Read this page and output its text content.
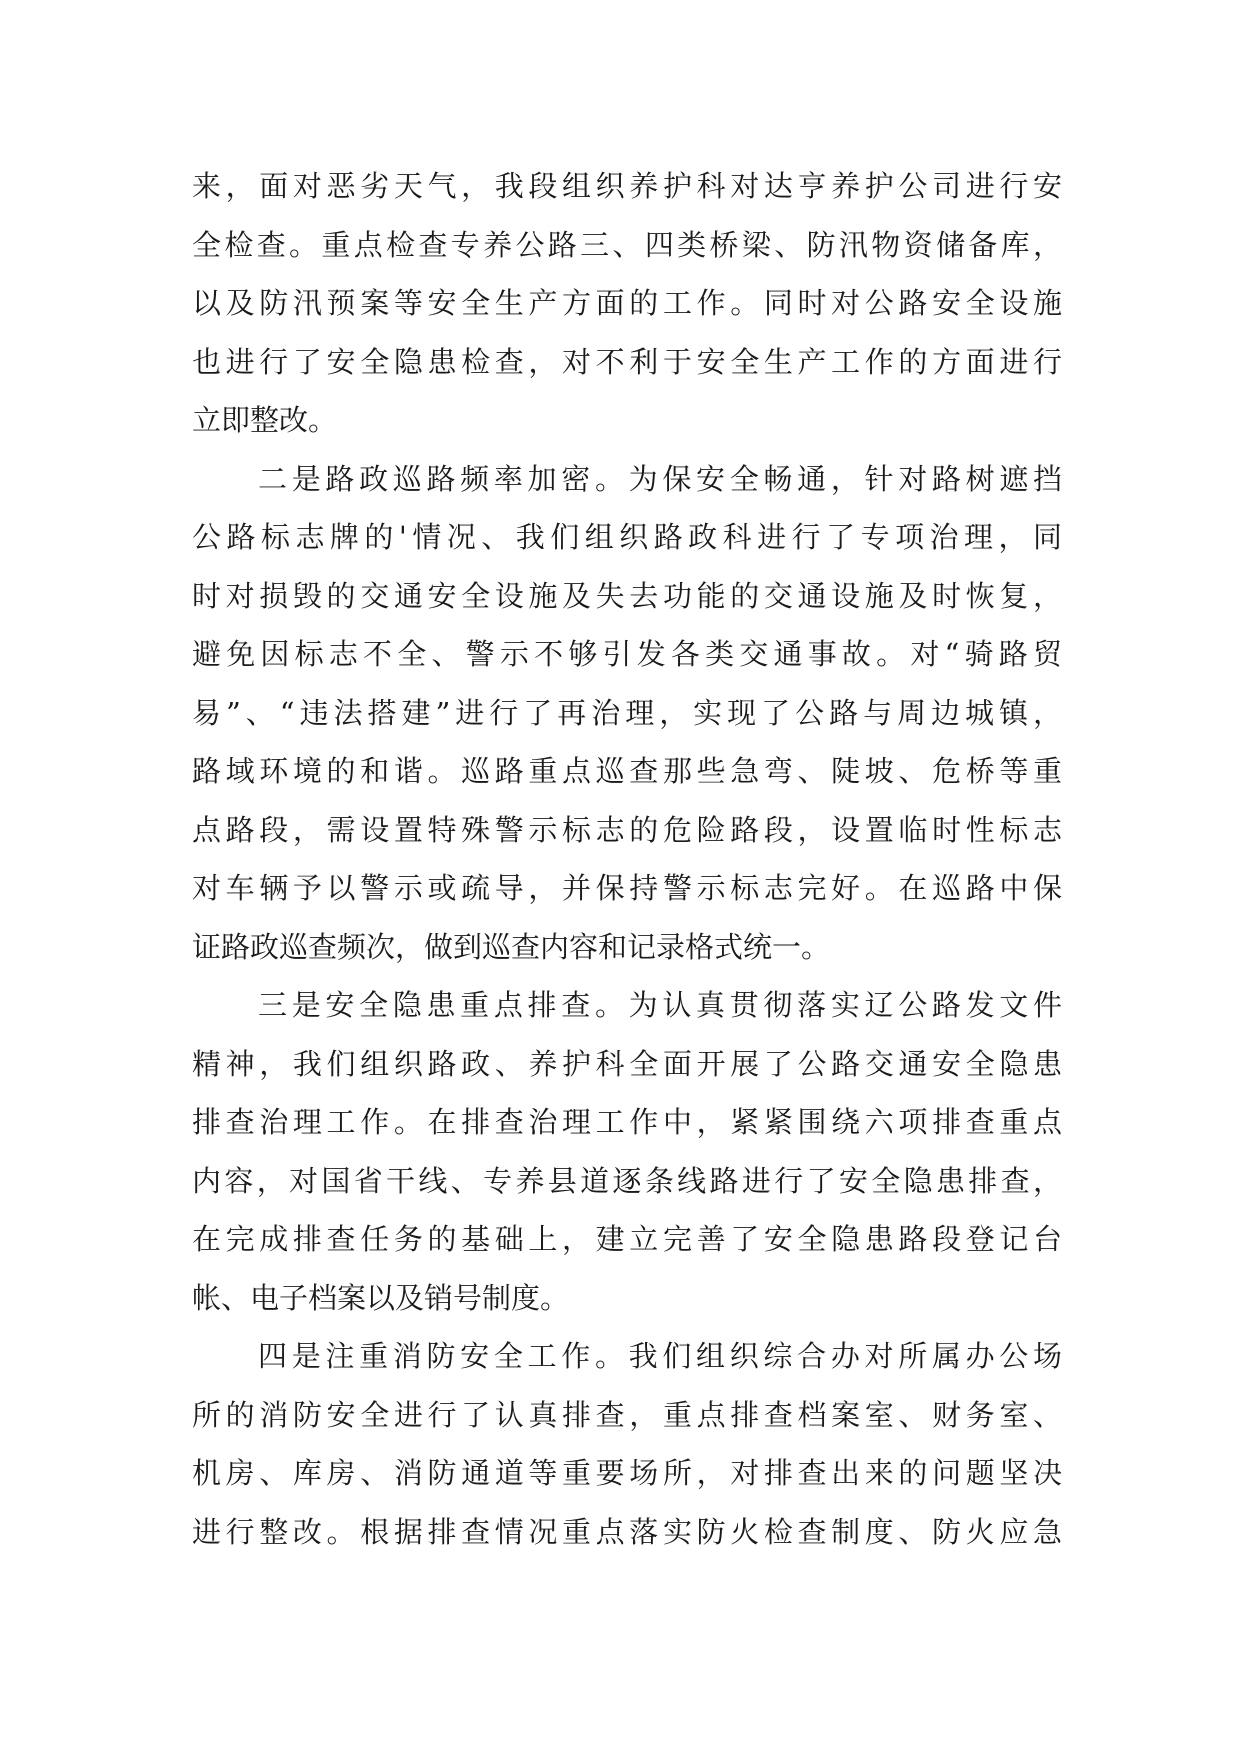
来，面对恶劣天气，我段组织养护科对达亨养护公司进行安
全检查。重点检查专养公路三、四类桥梁、防汛物资储备库，
以及防汛预案等安全生产方面的工作。同时对公路安全设施
也进行了安全隐患检查，对不利于安全生产工作的方面进行
立即整改。
二是路政巡路频率加密。为保安全畅通，针对路树遮挡
公路标志牌的'情况、我们组织路政科进行了专项治理，同
时对损毁的交通安全设施及失去功能的交通设施及时恢复，
避免因标志不全、警示不够引发各类交通事故。对“骑路贸
易”、“违法搭建”进行了再治理，实现了公路与周边城镇，
路域环境的和谐。巡路重点巡查那些急弯、陡坡、危桥等重
点路段，需设置特殊警示标志的危险路段，设置临时性标志
对车辆予以警示或疏导，并保持警示标志完好。在巡路中保
证路政巡查频次，做到巡查内容和记录格式统一。
三是安全隐患重点排查。为认真贯彻落实辽公路发文件
精神，我们组织路政、养护科全面开展了公路交通安全隐患
排查治理工作。在排查治理工作中，紧紧围绕六项排查重点
内容，对国省干线、专养县道逐条线路进行了安全隐患排查，
在完成排查任务的基础上，建立完善了安全隐患路段登记台
帐、电子档案以及销号制度。
四是注重消防安全工作。我们组织综合办对所属办公场
所的消防安全进行了认真排查，重点排查档案室、财务室、
机房、库房、消防通道等重要场所，对排查出来的问题坚决
进行整改。根据排查情况重点落实防火检查制度、防火应急
